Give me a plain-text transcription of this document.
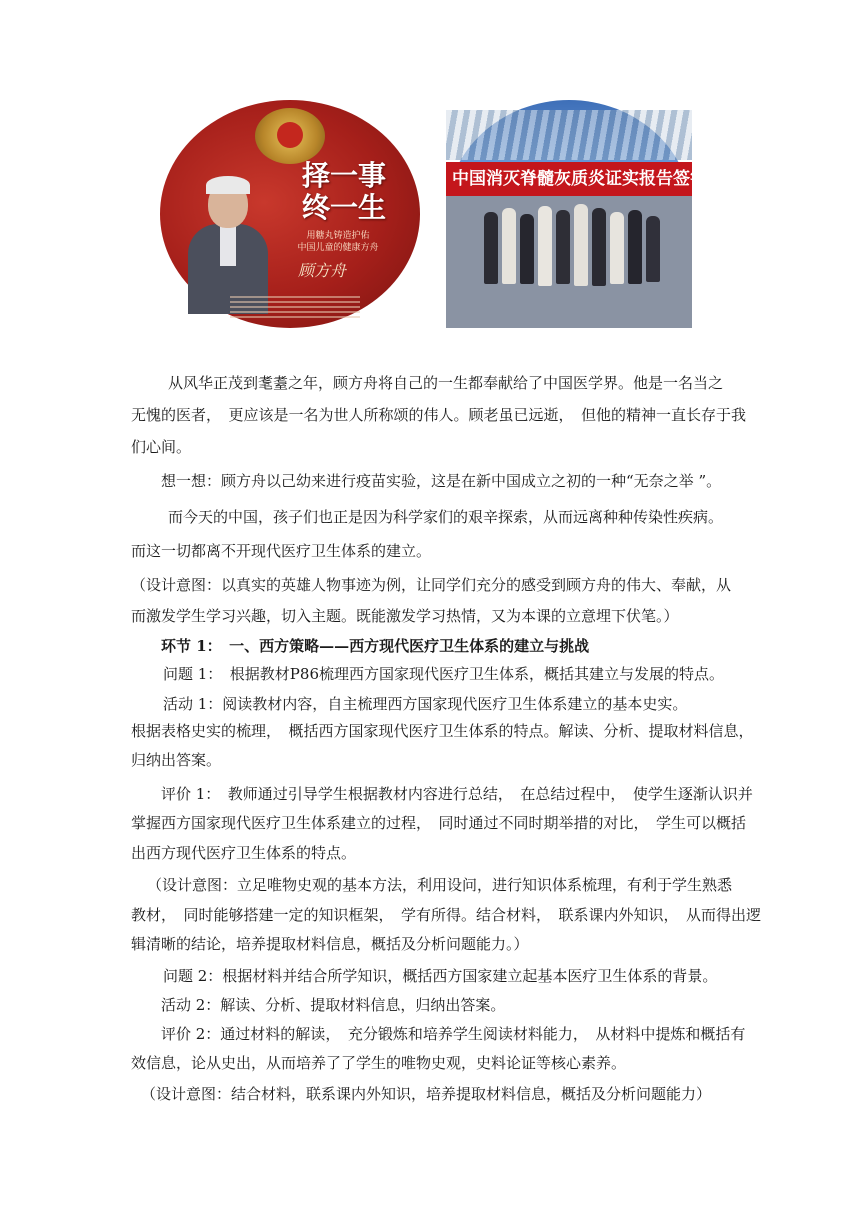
择一事 终一生
用糖丸铸造护佑
中国儿童的健康方舟
顾方舟
中国消灭脊髓灰质炎证实报告签字仪式
从风华正茂到耄耋之年，顾方舟将自己的一生都奉献给了中国医学界。他是一名当之
无愧的医者，　更应该是一名为世人所称颂的伟人。顾老虽已远逝，　但他的精神一直长存于我
们心间。
想一想：顾方舟以己幼来进行疫苗实验，这是在新中国成立之初的一种“无奈之举 ”。
而今天的中国，孩子们也正是因为科学家们的艰辛探索，从而远离种种传染性疾病。
而这一切都离不开现代医疗卫生体系的建立。
（设计意图：以真实的英雄人物事迹为例，让同学们充分的感受到顾方舟的伟大、奉献，从
而激发学生学习兴趣，切入主题。既能激发学习热情，又为本课的立意埋下伏笔。）
环节 1：　一、西方策略——西方现代医疗卫生体系的建立与挑战
问题 1：　根据教材P86梳理西方国家现代医疗卫生体系，概括其建立与发展的特点。
活动 1：阅读教材内容，自主梳理西方国家现代医疗卫生体系建立的基本史实。
根据表格史实的梳理，　概括西方国家现代医疗卫生体系的特点。解读、分析、提取材料信息，
归纳出答案。
评价 1：　教师通过引导学生根据教材内容进行总结，　在总结过程中，　使学生逐渐认识并
掌握西方国家现代医疗卫生体系建立的过程，　同时通过不同时期举措的对比，　学生可以概括
出西方现代医疗卫生体系的特点。
（设计意图：立足唯物史观的基本方法，利用设问，进行知识体系梳理，有利于学生熟悉
教材，　同时能够搭建一定的知识框架，　学有所得。结合材料，　联系课内外知识，　从而得出逻
辑清晰的结论，培养提取材料信息，概括及分析问题能力。）
问题 2：根据材料并结合所学知识，概括西方国家建立起基本医疗卫生体系的背景。
活动 2：解读、分析、提取材料信息，归纳出答案。
评价 2：通过材料的解读，　充分锻炼和培养学生阅读材料能力，　从材料中提炼和概括有
效信息，论从史出，从而培养了了学生的唯物史观，史料论证等核心素养。
（设计意图：结合材料，联系课内外知识，培养提取材料信息，概括及分析问题能力）
